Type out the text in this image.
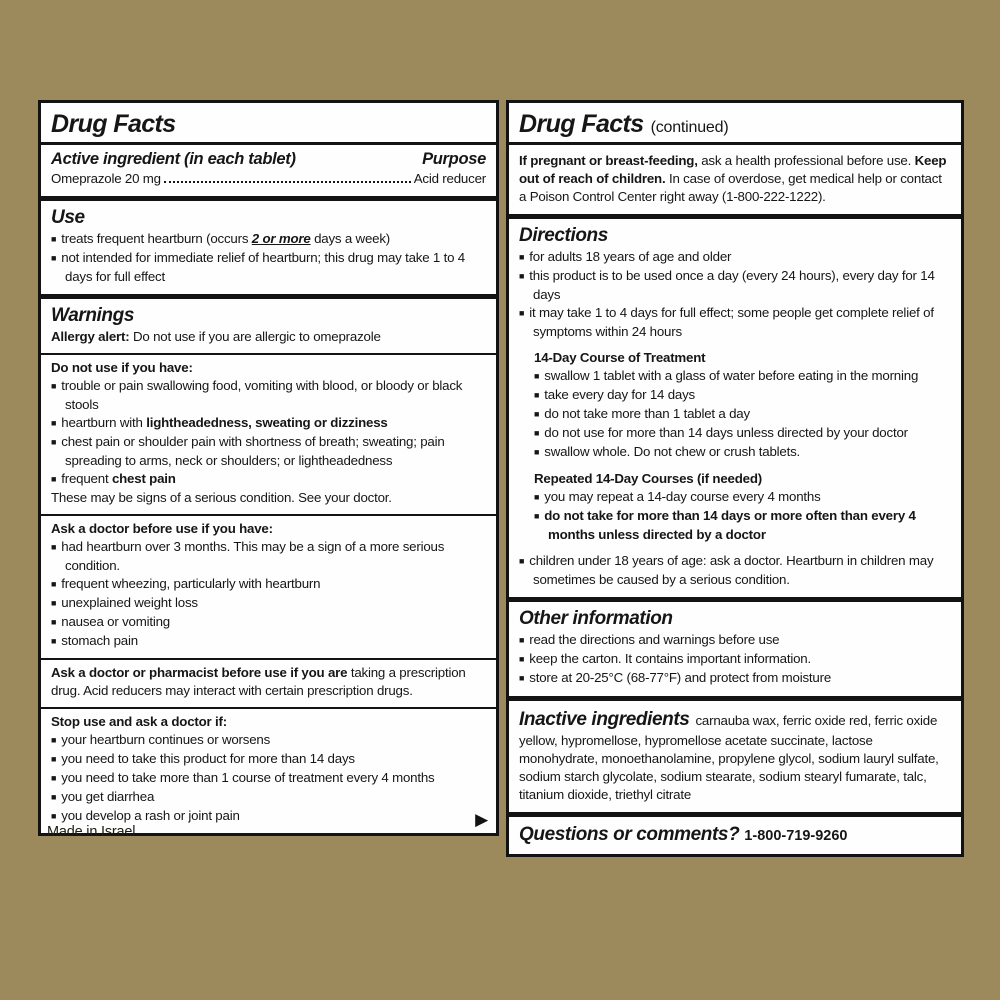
Drug Facts
Active ingredient (in each tablet)	Purpose
Omeprazole 20 mg	Acid reducer
Use
■ treats frequent heartburn (occurs 2 or more days a week)
■ not intended for immediate relief of heartburn; this drug may take 1 to 4 days for full effect
Warnings
Allergy alert: Do not use if you are allergic to omeprazole
Do not use if you have:
■ trouble or pain swallowing food, vomiting with blood, or bloody or black stools
■ heartburn with lightheadedness, sweating or dizziness
■ chest pain or shoulder pain with shortness of breath; sweating; pain spreading to arms, neck or shoulders; or lightheadedness
■ frequent chest pain
These may be signs of a serious condition. See your doctor.
Ask a doctor before use if you have:
■ had heartburn over 3 months. This may be a sign of a more serious condition.
■ frequent wheezing, particularly with heartburn
■ unexplained weight loss
■ nausea or vomiting
■ stomach pain
Ask a doctor or pharmacist before use if you are taking a prescription drug. Acid reducers may interact with certain prescription drugs.
Stop use and ask a doctor if:
■ your heartburn continues or worsens
■ you need to take this product for more than 14 days
■ you need to take more than 1 course of treatment every 4 months
■ you get diarrhea
■ you develop a rash or joint pain	▶
Drug Facts (continued)
If pregnant or breast-feeding, ask a health professional before use. Keep out of reach of children. In case of overdose, get medical help or contact a Poison Control Center right away (1-800-222-1222).
Directions
■ for adults 18 years of age and older
■ this product is to be used once a day (every 24 hours), every day for 14 days
■ it may take 1 to 4 days for full effect; some people get complete relief of symptoms within 24 hours
14-Day Course of Treatment
■ swallow 1 tablet with a glass of water before eating in the morning
■ take every day for 14 days
■ do not take more than 1 tablet a day
■ do not use for more than 14 days unless directed by your doctor
■ swallow whole. Do not chew or crush tablets.
Repeated 14-Day Courses (if needed)
■ you may repeat a 14-day course every 4 months
■ do not take for more than 14 days or more often than every 4 months unless directed by a doctor
■ children under 18 years of age: ask a doctor. Heartburn in children may sometimes be caused by a serious condition.
Other information
■ read the directions and warnings before use
■ keep the carton. It contains important information.
■ store at 20-25°C (68-77°F) and protect from moisture
Inactive ingredients carnauba wax, ferric oxide red, ferric oxide yellow, hypromellose, hypromellose acetate succinate, lactose monohydrate, monoethanolamine, propylene glycol, sodium lauryl sulfate, sodium starch glycolate, sodium stearate, sodium stearyl fumarate, talc, titanium dioxide, triethyl citrate
Questions or comments? 1-800-719-9260
Made in Israel
